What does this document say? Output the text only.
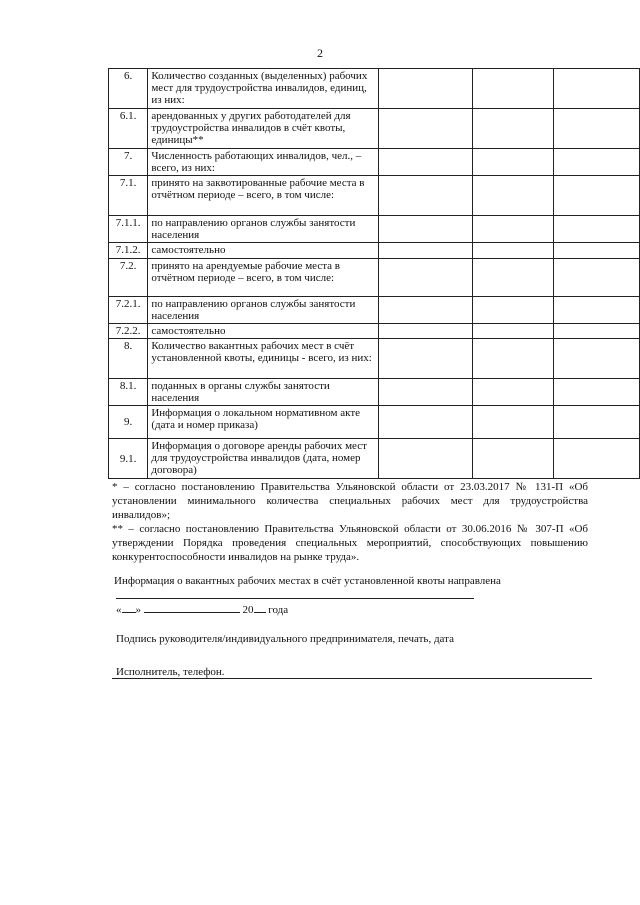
2
6.	Количество созданных (выделенных) рабочих мест для трудоустройства инвалидов, единиц, из них:			
6.1.	арендованных у других работодателей для трудоустройства инвалидов в счёт квоты, единицы**			
7.	Численность работающих инвалидов, чел., – всего, из них:			
7.1.	принято на заквотированные рабочие места в отчётном периоде – всего, в том числе:			
7.1.1.	по направлению органов службы занятости населения			
7.1.2.	самостоятельно			
7.2.	принято на арендуемые рабочие места в отчётном периоде – всего, в том числе:			
7.2.1.	по направлению органов службы занятости населения			
7.2.2.	самостоятельно			
8.	Количество вакантных рабочих мест в счёт установленной квоты, единицы - всего, из них:			
8.1.	поданных в органы службы занятости населения			
9.	Информация о локальном нормативном акте (дата и номер приказа)			
9.1.	Информация о договоре аренды рабочих мест для трудоустройства инвалидов (дата, номер договора)			

* – согласно постановлению Правительства Ульяновской области от 23.03.2017 № 131-П «Об установлении минимального количества специальных рабочих мест для трудоустройства инвалидов»;

** – согласно постановлению Правительства Ульяновской области от 30.06.2016 № 307-П «Об утверждении Порядка проведения специальных мероприятий, способствующих повышению конкурентоспособности инвалидов на рынке труда».

Информация о вакантных рабочих местах в счёт установленной квоты направлена
« »	20 года
Подпись руководителя/индивидуального предпринимателя, печать, дата
Исполнитель, телефон.
